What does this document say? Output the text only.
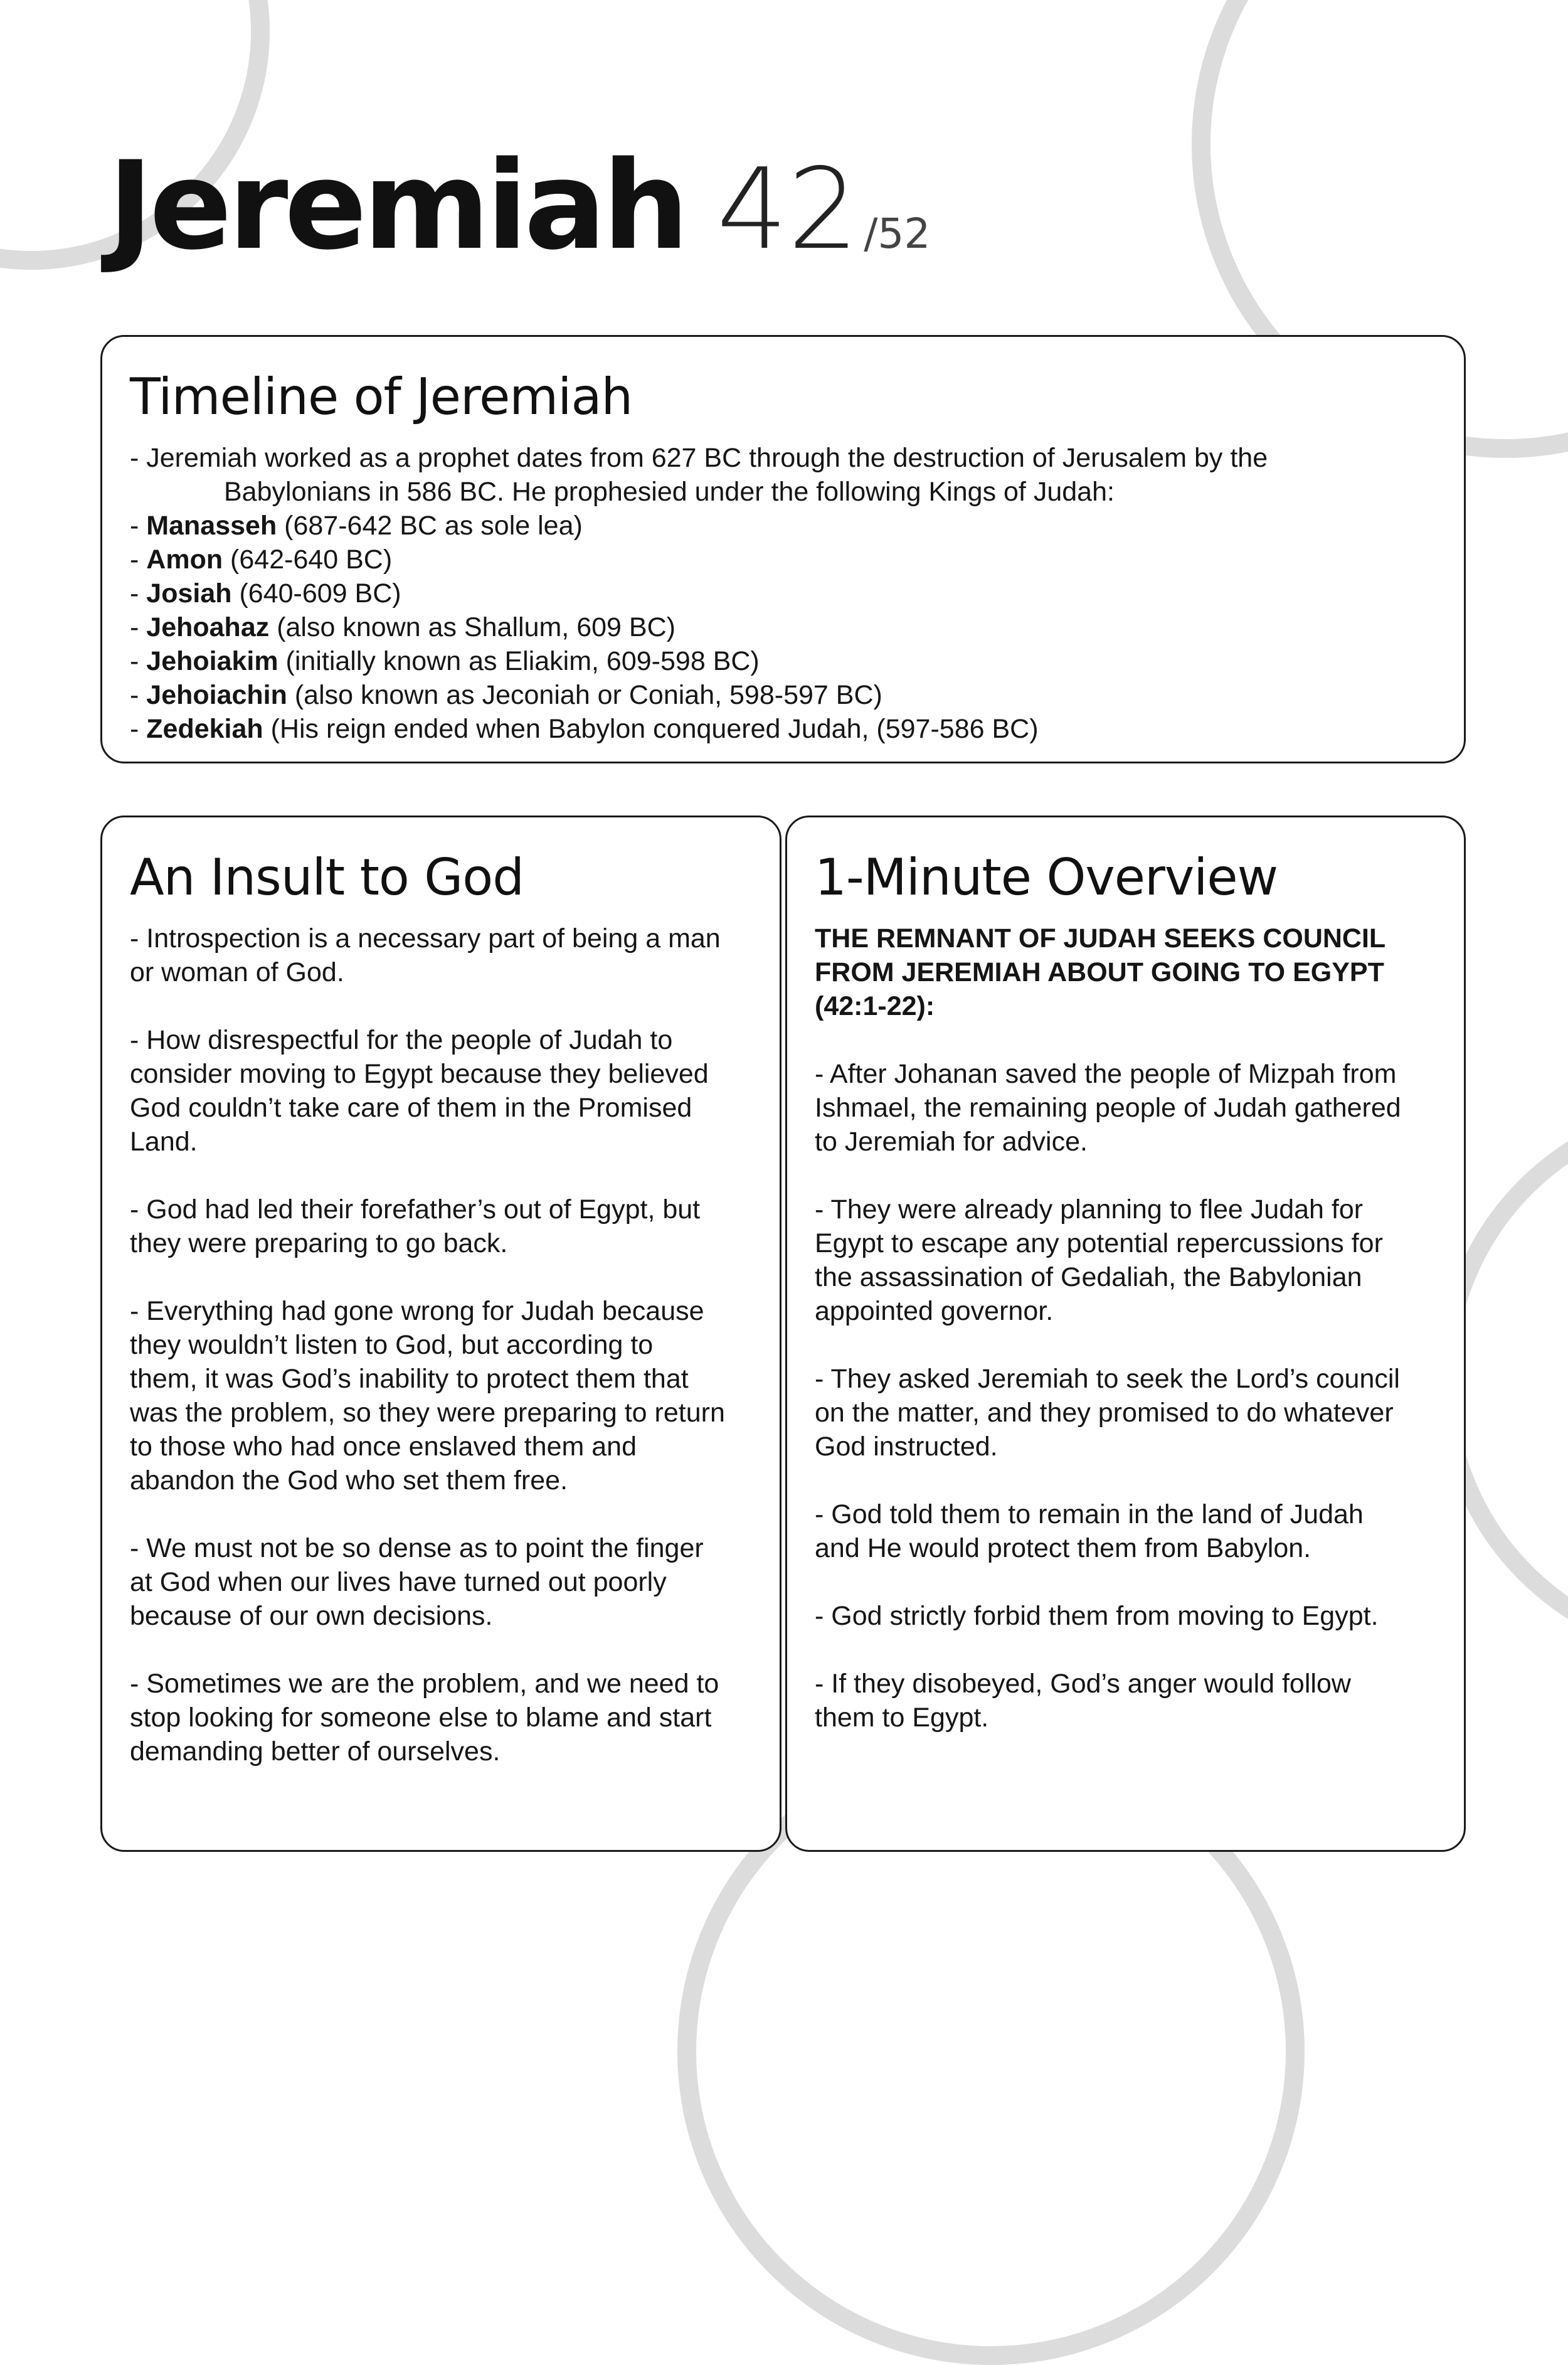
Jeremiah 42 /52
Timeline of Jeremiah

- Jeremiah worked as a prophet dates from 627 BC through the destruction of Jerusalem by the

Babylonians in 586 BC. He prophesied under the following Kings of Judah:

- Manasseh (687-642 BC as sole lea)

- Amon (642-640 BC)

- Josiah (640-609 BC)

- Jehoahaz (also known as Shallum, 609 BC)

- Jehoiakim (initially known as Eliakim, 609-598 BC)

- Jehoiachin (also known as Jeconiah or Coniah, 598-597 BC)

- Zedekiah (His reign ended when Babylon conquered Judah, (597-586 BC)

An Insult to God

- Introspection is a necessary part of being a man

or woman of God.

- How disrespectful for the people of Judah to

consider moving to Egypt because they believed

God couldn’t take care of them in the Promised

Land.

- God had led their forefather’s out of Egypt, but

they were preparing to go back.

- Everything had gone wrong for Judah because

they wouldn’t listen to God, but according to

them, it was God’s inability to protect them that

was the problem, so they were preparing to return

to those who had once enslaved them and

abandon the God who set them free.

- We must not be so dense as to point the finger

at God when our lives have turned out poorly

because of our own decisions.

- Sometimes we are the problem, and we need to

stop looking for someone else to blame and start

demanding better of ourselves.

1-Minute Overview

THE REMNANT OF JUDAH SEEKS COUNCIL

FROM JEREMIAH ABOUT GOING TO EGYPT

(42:1-22):

- After Johanan saved the people of Mizpah from

Ishmael, the remaining people of Judah gathered

to Jeremiah for advice.

- They were already planning to flee Judah for

Egypt to escape any potential repercussions for

the assassination of Gedaliah, the Babylonian

appointed governor.

- They asked Jeremiah to seek the Lord’s council

on the matter, and they promised to do whatever

God instructed.

- God told them to remain in the land of Judah

and He would protect them from Babylon.

- God strictly forbid them from moving to Egypt.

- If they disobeyed, God’s anger would follow

them to Egypt.
